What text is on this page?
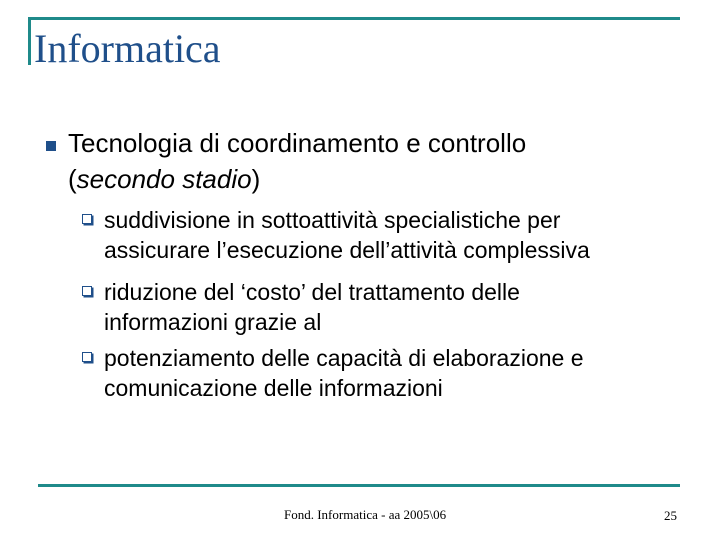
Informatica

Tecnologia di coordinamento e controllo
(secondo stadio)

suddivisione in sottoattività specialistiche per
assicurare l’esecuzione dell’attività complessiva

riduzione del ‘costo’ del trattamento delle
informazioni grazie al

potenziamento delle capacità di elaborazione e
comunicazione delle informazioni

Fond. Informatica - aa 2005\06	25
